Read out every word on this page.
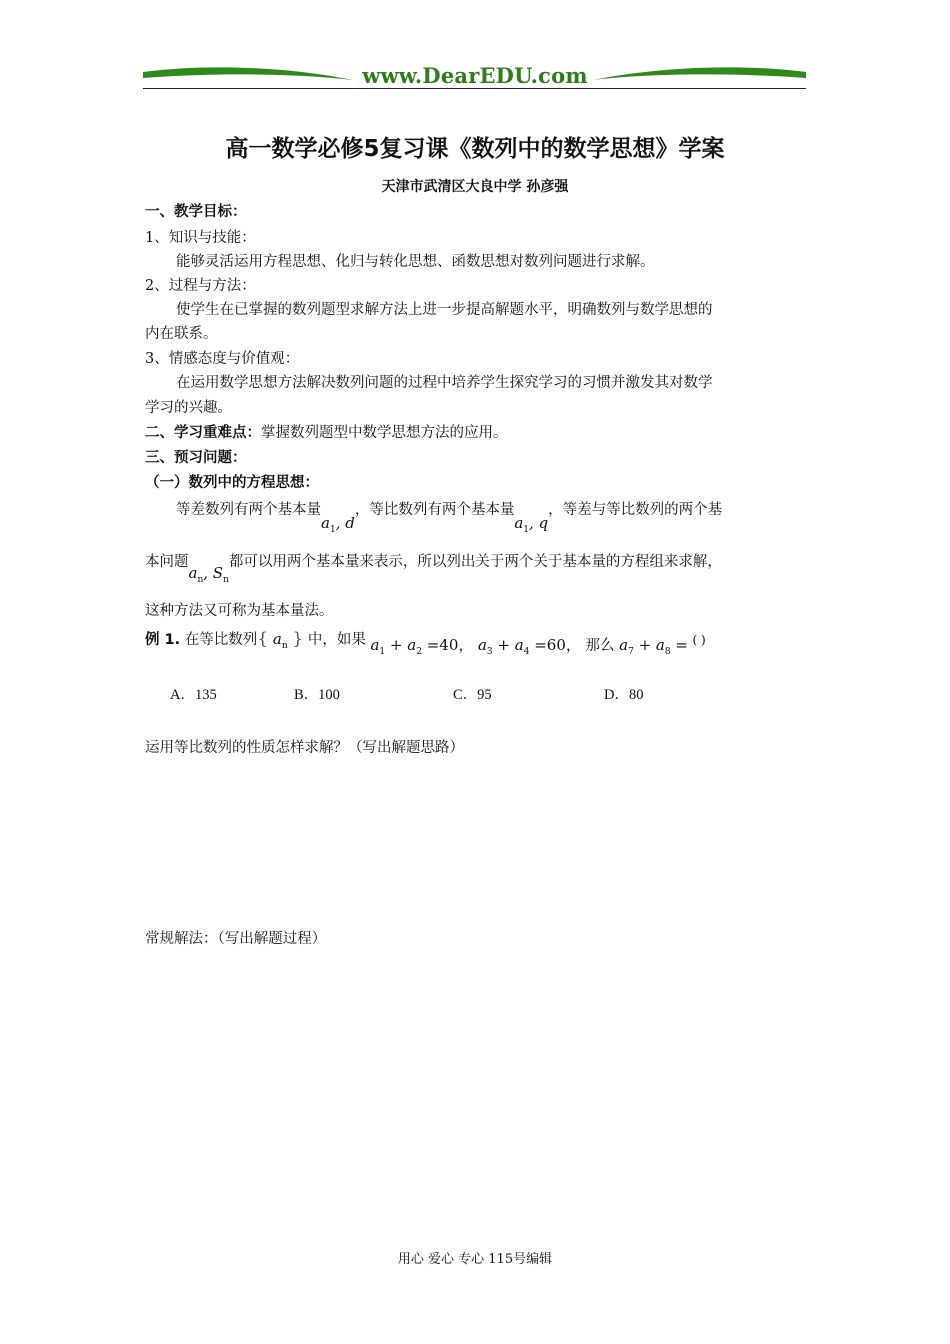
www.DearEDU.com
高一数学必修5复习课《数列中的数学思想》学案
天津市武清区大良中学 孙彦强
一、教学目标：
1、知识与技能：
能够灵活运用方程思想、化归与转化思想、函数思想对数列问题进行求解。
2、过程与方法：
使学生在已掌握的数列题型求解方法上进一步提高解题水平，明确数列与数学思想的
内在联系。
3、情感态度与价值观：
在运用数学思想方法解决数列问题的过程中培养学生探究学习的习惯并激发其对数学
学习的兴趣。
二、学习重难点：掌握数列题型中数学思想方法的应用。
三、预习问题：
（一）数列中的方程思想：
等差数列有两个基本量$a_1$, d，等比数列有两个基本量$a_1$, q，等差与等比数列的两个基
本问题$a_n$, $S_n$都可以用两个基本量来表示，所以列出关于两个关于基本量的方程组来求解，
这种方法又可称为基本量法。
例 1. 在等比数列{ $a_n$ } 中，如果 $a_1 + a_2 =40$， $a_3 + a_4 =60$， 那么 $a_7 + a_8$ = ( )
A．135	B．100	C．95	D．80
运用等比数列的性质怎样求解？（写出解题思路）
常规解法：（写出解题过程）
用心 爱心 专心 115号编辑
